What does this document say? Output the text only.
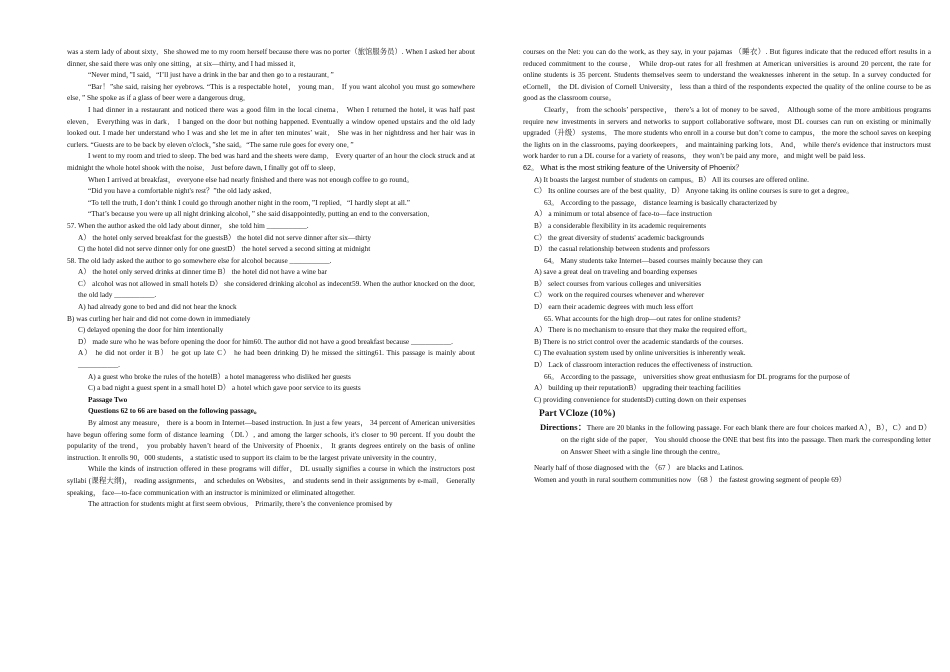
was a stern lady of about sixty．She showed me to my room herself because there was no porter（旅馆服务员）. When I asked her about dinner, she said there was only one sitting，at six—thirty, and I had missed it．

“Never mind，”I said，“I’ll just have a drink in the bar and then go to a restaurant．”

“Bar！”she said, raising her eyebrows. “This is a respectable hotel， young man． If you want alcohol you must go somewhere else．” She spoke as if a glass of beer were a dangerous drug．

I had dinner in a restaurant and noticed there was a good film in the local cinema． When I returned the hotel, it was half past eleven． Everything was in dark． I banged on the door but nothing happened. Eventually a window opened upstairs and the old lady looked out. I made her understand who I was and she let me in after ten minutes’ wait． She was in her nightdress and her hair was in curlers. “Guests are to be back by eleven o'clock，”she said。“The same rule goes for every one．”

I went to my room and tried to sleep. The bed was hard and the sheets were damp． Every quarter of an hour the clock struck and at midnight the whole hotel shook with the noise． Just before dawn, I finally got off to sleep．

When I arrived at breakfast， everyone else had nearly finished and there was not enough coffee to go round。

“Did you have a comfortable night's rest？”the old lady asked．

“To tell the truth, I don’t think I could go through another night in the room，”I replied．“I hardly slept at all.”

“That’s because you were up all night drinking alcohol，” she said disappointedly, putting an end to the conversation．

57. When the author asked the old lady about dinner， she told him ___________.

A） the hotel only served breakfast for the guestsB） the hotel did not serve dinner after six—thirty

C) the hotel did not serve dinner only for one guestD） the hotel served a second sitting at midnight

58. The old lady asked the author to go somewhere else for alcohol because ___________.

A） the hotel only served drinks at dinner time B） the hotel did not have a wine bar

C） alcohol was not allowed in small hotels D） she considered drinking alcohol as indecent59. When the author knocked on the door, the old lady ___________.

A) had already gone to bed and did not hear the knock

B) was curling her hair and did not come down in immediately

C) delayed opening the door for him intentionally

D） made sure who he was before opening the door for him60. The author did not have a good breakfast because ___________.

A） he did not order it B） he got up late C） he had been drinking D) he missed the sitting61. This passage is mainly about ___________.

A) a guest who broke the rules of the hotelB）a hotel manageress who disliked her guests

C) a bad night a guest spent in a small hotel D） a hotel which gave poor service to its guests

Passage Two

Questions 62 to 66 are based on the following passage。

By almost any measure， there is a boom in Internet—based instruction. In just a few years， 34 percent of American universities have begun offering some form of distance learning （DL）, and among the larger schools, it's closer to 90 percent. If you doubt the popularity of the trend， you probably haven’t heard of the University of Phoenix． It grants degrees entirely on the basis of online instruction. It enrolls 90，000 students， a statistic used to support its claim to be the largest private university in the country．

While the kinds of instruction offered in these programs will differ， DL usually signifies a course in which the instructors post syllabi (课程大纲)， reading assignments， and schedules on Websites， and students send in their assignments by e-mail． Generally speaking， face—to-face communication with an instructor is minimized or eliminated altogether.

The attraction for students might at first seem obvious． Primarily, there’s the convenience promised by

courses on the Net: you can do the work, as they say, in your pajamas （睡衣）. But figures indicate that the reduced effort results in a reduced commitment to the course． While drop-out rates for all freshmen at American universities is around 20 percent, the rate for online students is 35 percent. Students themselves seem to understand the weaknesses inherent in the setup. In a survey conducted for eCornell， the DL division of Cornell University， less than a third of the respondents expected the quality of the online course to be as good as the classroom course。

Clearly， from the schools’ perspective， there’s a lot of money to be saved． Although some of the more ambitious programs require new investments in servers and networks to support collaborative software, most DL courses can run on existing or minimally upgraded（升级） systems． The more students who enroll in a course but don’t come to campus， the more the school saves on keeping the lights on in the classrooms, paying doorkeepers， and maintaining parking lots． And， while there's evidence that instructors must work harder to run a DL course for a variety of reasons， they won’t be paid any more，and might well be paid less.

62。 What is the most striking feature of the University of Phoenix？

A) It boasts the largest number of students on campus。B） All its courses are offered online.

C） Its online courses are of the best quality．D） Anyone taking its online courses is sure to get a degree。

63。 According to the passage， distance learning is basically characterized by

A） a minimum or total absence of face-to—face instruction

B） a considerable flexibility in its academic requirements

C） the great diversity of students' academic backgrounds

D） the casual relationship between students and professors

64。 Many students take Internet—based courses mainly because they can

A) save a great deal on traveling and boarding expenses

B） select courses from various colleges and universities

C） work on the required courses whenever and wherever

D） earn their academic degrees with much less effort

65. What accounts for the high drop—out rates for online students?

A） There is no mechanism to ensure that they make the required effort。

B) There is no strict control over the academic standards of the courses.

C) The evaluation system used by online universities is inherently weak.

D） Lack of classroom interaction reduces the effectiveness of instruction.

66。 According to the passage， universities show great enthusiasm for DL programs for the purpose of

A） building up their reputationB） upgrading their teaching facilities

C) providing convenience for studentsD) cutting down on their expenses

Part VCloze (10%)

Directions：There are 20 blanks in the following passage. For each blank there are four choices marked A），B），C）and D） on the right side of the paper． You should choose the ONE that best fits into the passage. Then mark the corresponding letter on Answer Sheet with a single line through the centre。

Nearly half of those diagnosed with the （67 ） are blacks and Latinos.

Women and youth in rural southern communities now （68 ） the fastest growing segment of people 69）
